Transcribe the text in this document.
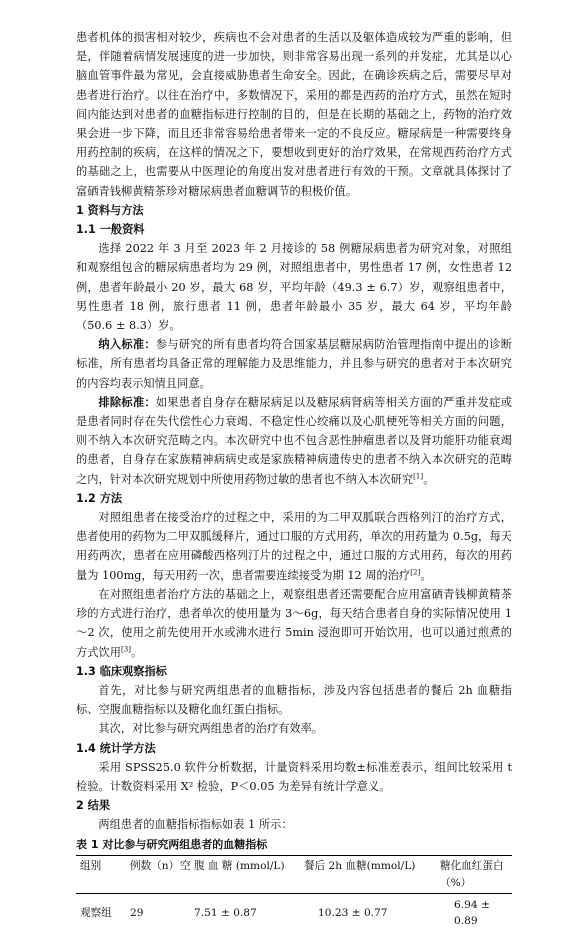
患者机体的损害相对较少，疾病也不会对患者的生活以及躯体造成较为严重的影响，但是，伴随着病情发展速度的进一步加快，则非常容易出现一系列的并发症，尤其是以心脑血管事件最为常见，会直接威胁患者生命安全。因此，在确诊疾病之后，需要尽早对患者进行治疗。以往在治疗中，多数情况下，采用的都是西药的治疗方式，虽然在短时间内能达到对患者的血糖指标进行控制的目的，但是在长期的基础之上，药物的治疗效果会进一步下降，而且还非常容易给患者带来一定的不良反应。糖尿病是一种需要终身用药控制的疾病，在这样的情况之下，要想收到更好的治疗效果，在常规西药治疗方式的基础之上，也需要从中医理论的角度出发对患者进行有效的干预。文章就具体探讨了富硒青钱柳黄精茶珍对糖尿病患者血糖调节的积极价值。

1 资料与方法
1.1 一般资料

选择 2022 年 3 月至 2023 年 2 月接诊的 58 例糖尿病患者为研究对象，对照组和观察组包含的糖尿病患者均为 29 例，对照组患者中，男性患者 17 例，女性患者 12 例，患者年龄最小 20 岁，最大 68 岁，平均年龄（49.3 ± 6.7）岁，观察组患者中，男性患者 18 例，旅行患者 11 例，患者年龄最小 35 岁，最大 64 岁，平均年龄（50.6 ± 8.3）岁。

纳入标准：参与研究的所有患者均符合国家基层糖尿病防治管理指南中提出的诊断标准，所有患者均具备正常的理解能力及思维能力，并且参与研究的患者对于本次研究的内容均表示知情且同意。

排除标准：如果患者自身存在糖尿病足以及糖尿病肾病等相关方面的严重并发症或是患者同时存在失代偿性心力衰竭、不稳定性心绞痛以及心肌梗死等相关方面的问题，则不纳入本次研究范畴之内。本次研究中也不包含恶性肿瘤患者以及肾功能肝功能衰竭的患者，自身存在家族精神病病史或是家族精神病遗传史的患者不纳入本次研究的范畴之内，针对本次研究规划中所使用药物过敏的患者也不纳入本次研究[1]。

1.2 方法

对照组患者在接受治疗的过程之中，采用的为二甲双胍联合西格列汀的治疗方式，患者使用的药物为二甲双胍缓释片，通过口服的方式用药，单次的用药量为 0.5g，每天用药两次，患者在应用磷酸西格列汀片的过程之中，通过口服的方式用药，每次的用药量为 100mg，每天用药一次，患者需要连续接受为期 12 周的治疗[2]。

在对照组患者治疗方法的基础之上，观察组患者还需要配合应用富硒青钱柳黄精茶珍的方式进行治疗，患者单次的使用量为 3～6g，每天结合患者自身的实际情况使用 1～2 次，使用之前先使用开水或沸水进行 5min 浸泡即可开始饮用，也可以通过煎煮的方式饮用[3]。

1.3 临床观察指标

首先，对比参与研究两组患者的血糖指标，涉及内容包括患者的餐后 2h 血糖指标、空腹血糖指标以及糖化血红蛋白指标。

其次，对比参与研究两组患者的治疗有效率。

1.4 统计学方法

采用 SPSS25.0 软件分析数据，计量资料采用均数±标准差表示，组间比较采用 t 检验。计数资料采用 X² 检验，P＜0.05 为差异有统计学意义。

2 结果

两组患者的血糖指标指标如表 1 所示：

表 1 对比参与研究两组患者的血糖指标
组别	例数（n）	空 腹 血 糖 (mmol/L)	餐后 2h 血糖(mmol/L)	糖化血红蛋白（%）
观察组	29	7.51 ± 0.87	10.23 ± 0.77	6.94 ± 0.89
